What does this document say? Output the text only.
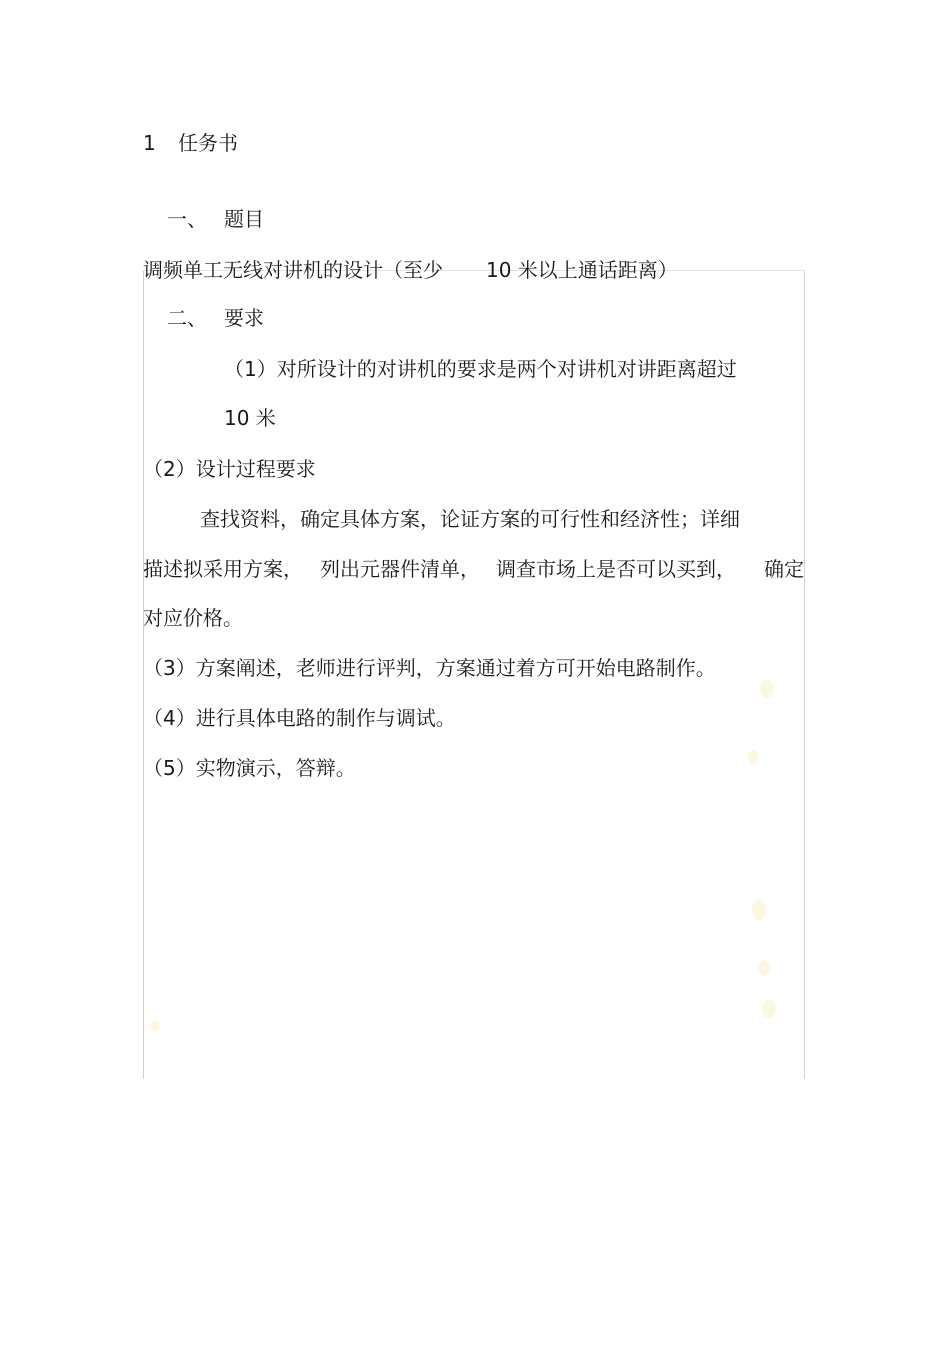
1 任务书
一、 题目
调频单工无线对讲机的设计（至少 10 米以上通话距离）
二、 要求
（1）对所设计的对讲机的要求是两个对讲机对讲距离超过
10 米
（2）设计过程要求
查找资料，确定具体方案，论证方案的可行性和经济性；详细
描述拟采用方案， 列出元器件清单， 调查市场上是否可以买到， 确定
对应价格。
（3）方案阐述，老师进行评判，方案通过着方可开始电路制作。
（4）进行具体电路的制作与调试。
（5）实物演示，答辩。
